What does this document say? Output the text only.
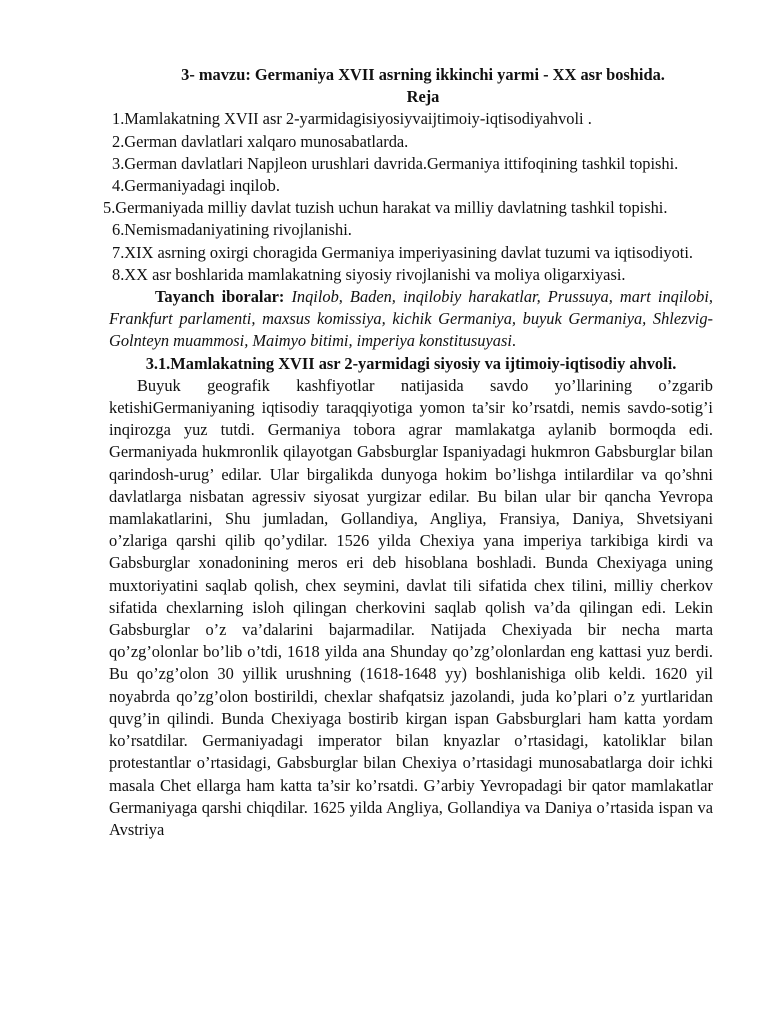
3- mavzu: Germaniya XVII asrning ikkinchi yarmi - XX asr boshida.

Reja

1.Mamlakatning XVII asr 2-yarmidagisiyosiyvaijtimoiy-iqtisodiyahvoli .

2.German davlatlari xalqaro munosabatlarda.

3.German davlatlari Napjleon urushlari davrida.Germaniya ittifoqining tashkil topishi.

4.Germaniyadagi inqilob.

5.Germaniyada milliy davlat tuzish uchun harakat va milliy davlatning tashkil topishi.

6.Nemismadaniyatining rivojlanishi.

7.XIX asrning oxirgi choragida Germaniya imperiyasining davlat tuzumi va iqtisodiyoti.

8.XX asr boshlarida mamlakatning siyosiy rivojlanishi va moliya oligarxiyasi.

Tayanch iboralar: Inqilob, Baden, inqilobiy harakatlar, Prussuya, mart inqilobi, Frankfurt parlamenti, maxsus komissiya, kichik Germaniya, buyuk Germaniya, Shlezvig-Golnteyn muammosi, Maimyo bitimi, imperiya konstitusuyasi.

3.1.Mamlakatning XVII asr 2-yarmidagi siyosiy va ijtimoiy-iqtisodiy ahvoli.

Buyuk geografik kashfiyotlar natijasida savdo yo’llarining o’zgarib ketishiGermaniyaning iqtisodiy taraqqiyotiga yomon ta’sir ko’rsatdi, nemis savdo-sotig’i inqirozga yuz tutdi. Germaniya tobora agrar mamlakatga aylanib bormoqda edi. Germaniyada hukmronlik qilayotgan Gabsburglar Ispaniyadagi hukmron Gabsburglar bilan qarindosh-urug’ edilar. Ular birgalikda dunyoga hokim bo’lishga intilardilar va qo’shni davlatlarga nisbatan agressiv siyosat yurgizar edilar. Bu bilan ular bir qancha Yevropa mamlakatlarini, Shu jumladan, Gollandiya, Angliya, Fransiya, Daniya, Shvetsiyani o’zlariga qarshi qilib qo’ydilar. 1526 yilda Chexiya yana imperiya tarkibiga kirdi va Gabsburglar xonadonining meros eri deb hisoblana boshladi. Bunda Chexiyaga uning muxtoriyatini saqlab qolish, chex seymini, davlat tili sifatida chex tilini, milliy cherkov sifatida chexlarning isloh qilingan cherkovini saqlab qolish va’da qilingan edi. Lekin Gabsburglar o’z va’dalarini bajarmadilar. Natijada Chexiyada bir necha marta qo’zg’olonlar bo’lib o’tdi, 1618 yilda ana Shunday qo’zg’olonlardan eng kattasi yuz berdi. Bu qo’zg’olon 30 yillik urushning (1618-1648 yy) boshlanishiga olib keldi. 1620 yil noyabrda qo’zg’olon bostirildi, chexlar shafqatsiz jazolandi, juda ko’plari o’z yurtlaridan quvg’in qilindi. Bunda Chexiyaga bostirib kirgan ispan Gabsburglari ham katta yordam ko’rsatdilar. Germaniyadagi imperator bilan knyazlar o’rtasidagi, katoliklar bilan protestantlar o’rtasidagi, Gabsburglar bilan Chexiya o’rtasidagi munosabatlarga doir ichki masala Chet ellarga ham katta ta’sir ko’rsatdi. G’arbiy Yevropadagi bir qator mamlakatlar Germaniyaga qarshi chiqdilar. 1625 yilda Angliya, Gollandiya va Daniya o’rtasida ispan va Avstriya
